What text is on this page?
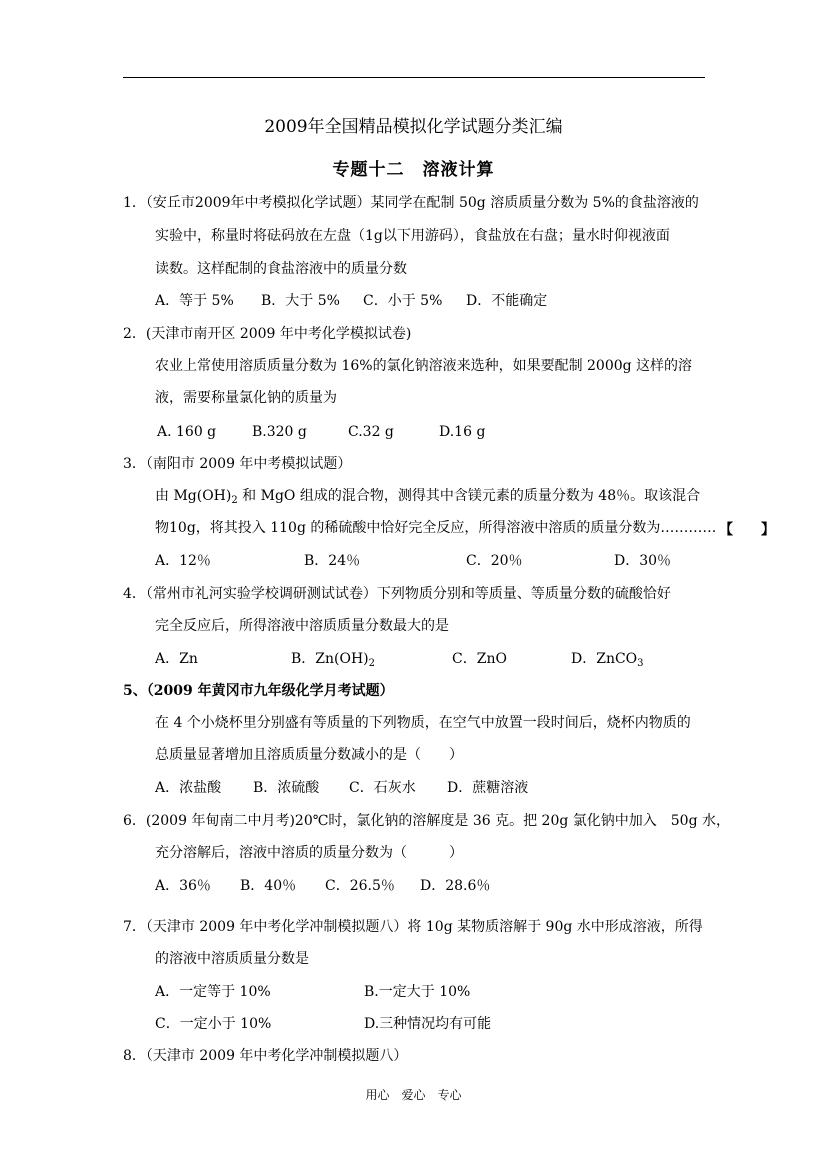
2009年全国精品模拟化学试题分类汇编
专题十二　溶液计算
1．（安丘市2009年中考模拟化学试题）某同学在配制 50g 溶质质量分数为 5%的食盐溶液的
实验中，称量时将砝码放在左盘（1g以下用游码），食盐放在右盘；量水时仰视液面
读数。这样配制的食盐溶液中的质量分数
A．等于 5% B．大于 5% C．小于 5% D．不能确定
2．(天津市南开区 2009 年中考化学模拟试卷)
农业上常使用溶质质量分数为 16%的氯化钠溶液来选种，如果要配制 2000g 这样的溶
液，需要称量氯化钠的质量为
A. 160 g	B.320 g	C.32 g	D.16 g
3．（南阳市 2009 年中考模拟试题）
由 $Mg(OH)_2$ 和 MgO 组成的混合物，测得其中含镁元素的质量分数为 48％。取该混合
物10g，将其投入 110g 的稀硫酸中恰好完全反应，所得溶液中溶质的质量分数为………… 【　　】
A．12％	B．24％	C．20％	D．30％
4．（常州市礼河实验学校调研测试试卷）下列物质分别和等质量、等质量分数的硫酸恰好
完全反应后，所得溶液中溶质质量分数最大的是
A．Zn	B．$Zn(OH)_2$	C．ZnO	D．ZnCO$_3$
5、（2009 年黄冈市九年级化学月考试题）
在 4 个小烧杯里分别盛有等质量的下列物质，在空气中放置一段时间后，烧杯内物质的
总质量显著增加且溶质质量分数减小的是（　　）
A．浓盐酸 B．浓硫酸 C．石灰水 D．蔗糖溶液
6．(2009 年甸南二中月考)20℃时，氯化钠的溶解度是 36 克。把 20g 氯化钠中加入　50g 水，
充分溶解后，溶液中溶质的质量分数为（　　　）
A．36％ B．40％ C．26.5％ D．28.6％
7．（天津市 2009 年中考化学冲制模拟题八）将 10g 某物质溶解于 90g 水中形成溶液，所得
的溶液中溶质质量分数是
A．一定等于 10%	B.一定大于 10%
C．一定小于 10%	D.三种情况均有可能
8．（天津市 2009 年中考化学冲制模拟题八）
用心　爱心　专心
